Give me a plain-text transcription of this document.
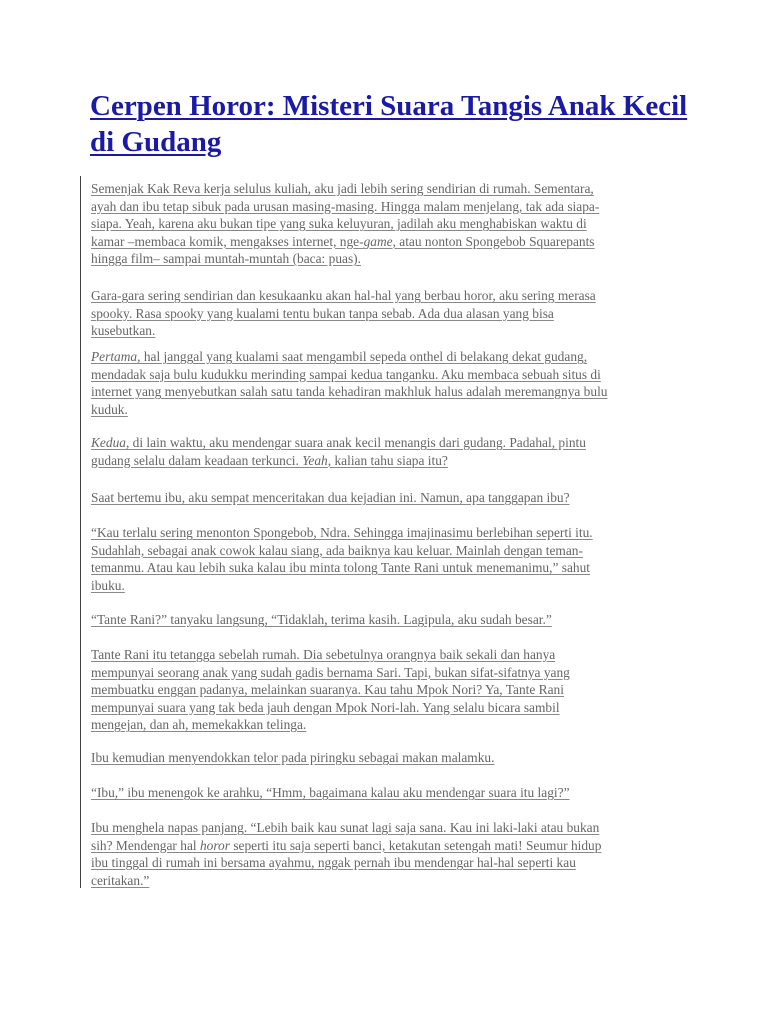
Cerpen Horor: Misteri Suara Tangis Anak Kecil di Gudang
Semenjak Kak Reva kerja selulus kuliah, aku jadi lebih sering sendirian di rumah. Sementara,
ayah dan ibu tetap sibuk pada urusan masing-masing. Hingga malam menjelang, tak ada siapa-
siapa. Yeah, karena aku bukan tipe yang suka keluyuran, jadilah aku menghabiskan waktu di
kamar –membaca komik, mengakses internet, nge-game, atau nonton Spongebob Squarepants
hingga film– sampai muntah-muntah (baca: puas).
Gara-gara sering sendirian dan kesukaanku akan hal-hal yang berbau horor, aku sering merasa
spooky. Rasa spooky yang kualami tentu bukan tanpa sebab. Ada dua alasan yang bisa
kusebutkan.
Pertama, hal janggal yang kualami saat mengambil sepeda onthel di belakang dekat gudang,
mendadak saja bulu kudukku merinding sampai kedua tanganku. Aku membaca sebuah situs di
internet yang menyebutkan salah satu tanda kehadiran makhluk halus adalah meremangnya bulu
kuduk.
Kedua, di lain waktu, aku mendengar suara anak kecil menangis dari gudang. Padahal, pintu
gudang selalu dalam keadaan terkunci. Yeah, kalian tahu siapa itu?
Saat bertemu ibu, aku sempat menceritakan dua kejadian ini. Namun, apa tanggapan ibu?
“Kau terlalu sering menonton Spongebob, Ndra. Sehingga imajinasimu berlebihan seperti itu.
Sudahlah, sebagai anak cowok kalau siang, ada baiknya kau keluar. Mainlah dengan teman-
temanmu. Atau kau lebih suka kalau ibu minta tolong Tante Rani untuk menemanimu,” sahut
ibuku.
“Tante Rani?” tanyaku langsung, “Tidaklah, terima kasih. Lagipula, aku sudah besar.”
Tante Rani itu tetangga sebelah rumah. Dia sebetulnya orangnya baik sekali dan hanya
mempunyai seorang anak yang sudah gadis bernama Sari. Tapi, bukan sifat-sifatnya yang
membuatku enggan padanya, melainkan suaranya. Kau tahu Mpok Nori? Ya, Tante Rani
mempunyai suara yang tak beda jauh dengan Mpok Nori-lah. Yang selalu bicara sambil
mengejan, dan ah, memekakkan telinga.
Ibu kemudian menyendokkan telor pada piringku sebagai makan malamku.
“Ibu,” ibu menengok ke arahku, “Hmm, bagaimana kalau aku mendengar suara itu lagi?”
Ibu menghela napas panjang. “Lebih baik kau sunat lagi saja sana. Kau ini laki-laki atau bukan
sih? Mendengar hal horor seperti itu saja seperti banci, ketakutan setengah mati! Seumur hidup
ibu tinggal di rumah ini bersama ayahmu, nggak pernah ibu mendengar hal-hal seperti kau
ceritakan.”
